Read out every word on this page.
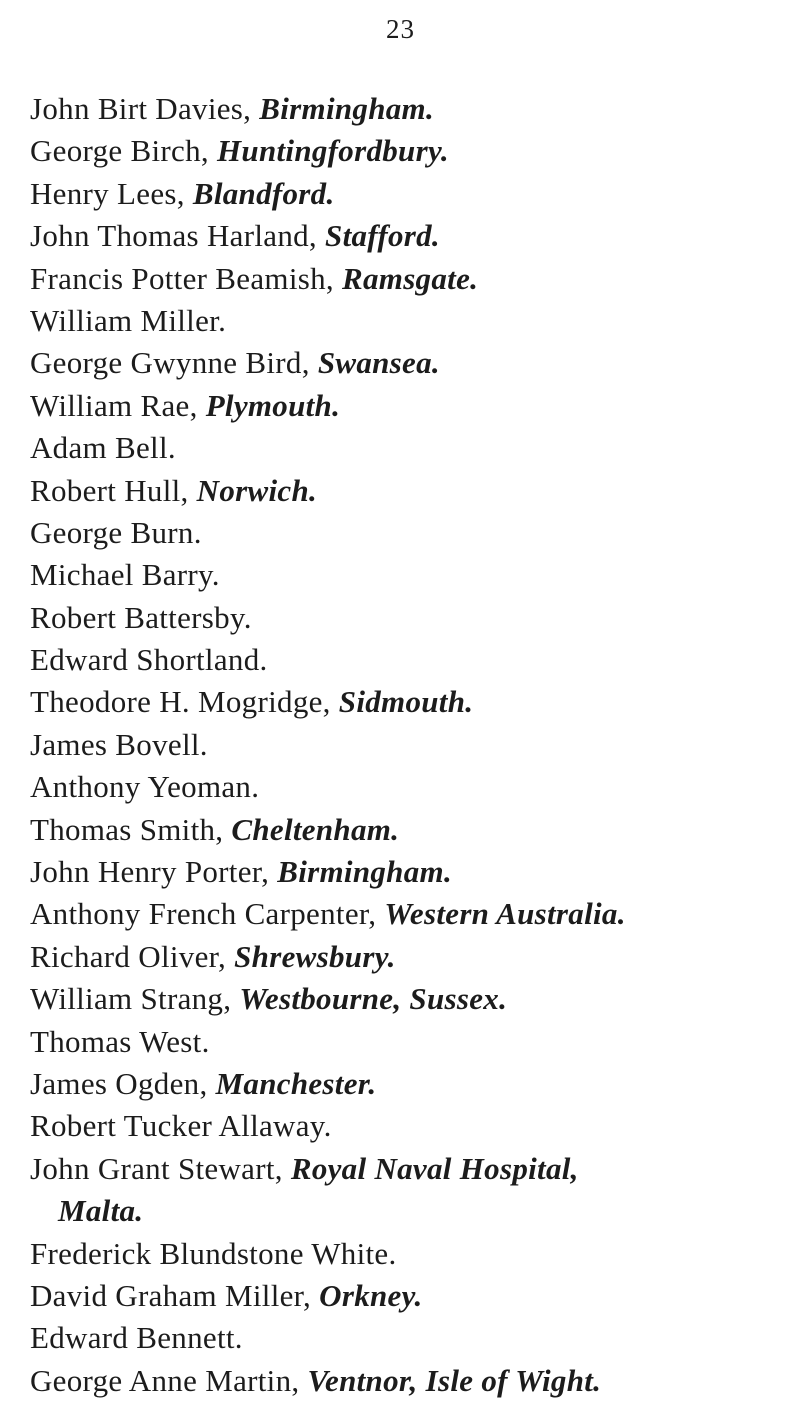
23
John Birt Davies, Birmingham.
George Birch, Huntingfordbury.
Henry Lees, Blandford.
John Thomas Harland, Stafford.
Francis Potter Beamish, Ramsgate.
William Miller.
George Gwynne Bird, Swansea.
William Rae, Plymouth.
Adam Bell.
Robert Hull, Norwich.
George Burn.
Michael Barry.
Robert Battersby.
Edward Shortland.
Theodore H. Mogridge, Sidmouth.
James Bovell.
Anthony Yeoman.
Thomas Smith, Cheltenham.
John Henry Porter, Birmingham.
Anthony French Carpenter, Western Australia.
Richard Oliver, Shrewsbury.
William Strang, Westbourne, Sussex.
Thomas West.
James Ogden, Manchester.
Robert Tucker Allaway.
John Grant Stewart, Royal Naval Hospital,
Malta.
Frederick Blundstone White.
David Graham Miller, Orkney.
Edward Bennett.
George Anne Martin, Ventnor, Isle of Wight.
